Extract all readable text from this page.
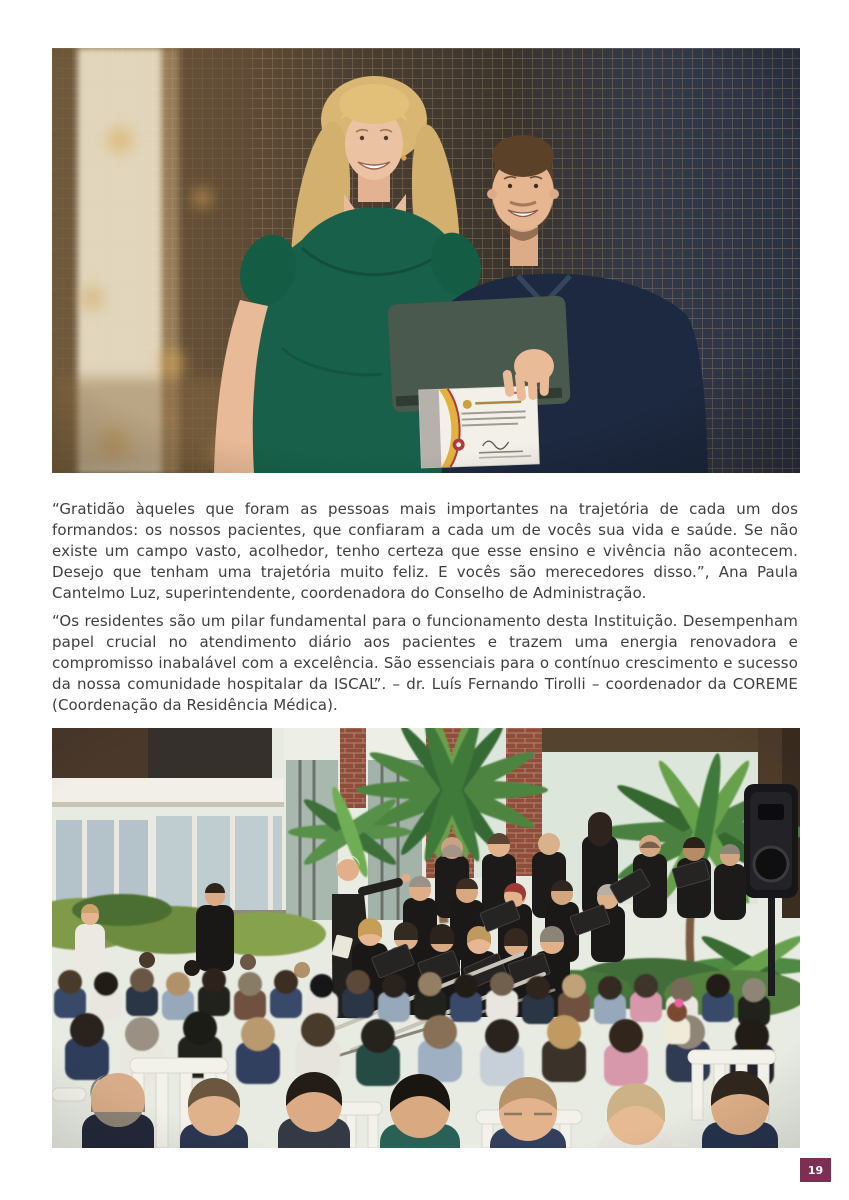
“Gratidão àqueles que foram as pessoas mais importantes na trajetória de cada um dos formandos: os nossos pacientes, que confiaram a cada um de vocês sua vida e saúde. Se não existe um campo vasto, acolhedor, tenho certeza que esse ensino e vivência não acontecem. Desejo que tenham uma trajetória muito feliz. E vocês são merecedores disso.”, Ana Paula Cantelmo Luz, superintendente, coordenadora do Conselho de Administração.

“Os residentes são um pilar fundamental para o funcionamento desta Instituição. Desempenham papel crucial no atendimento diário aos pacientes e trazem uma energia renovadora e compromisso inabalável com a excelência. São essenciais para o contínuo crescimento e sucesso da nossa comunidade hospitalar da ISCAL”. – dr. Luís Fernando Tirolli – coordenador da COREME (Coordenação da Residência Médica).

19
